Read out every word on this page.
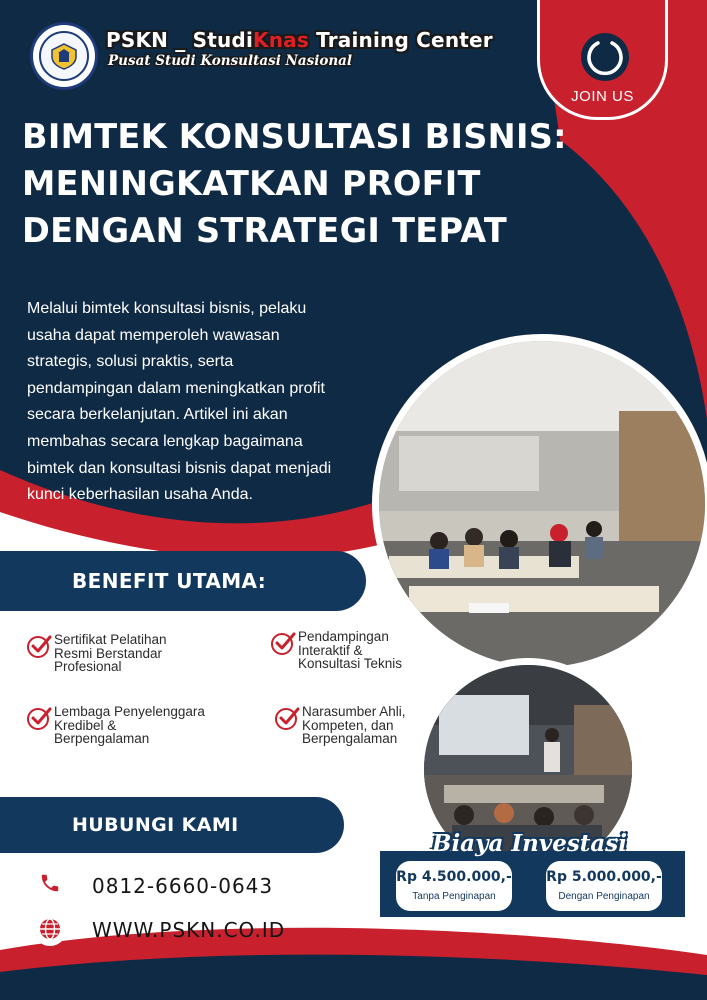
PSKN _ StudiKnas Training Center
Pusat Studi Konsultasi Nasional
JOIN US
BIMTEK KONSULTASI BISNIS:
MENINGKATKAN PROFIT
DENGAN STRATEGI TEPAT
Melalui bimtek konsultasi bisnis, pelaku
usaha dapat memperoleh wawasan
strategis, solusi praktis, serta
pendampingan dalam meningkatkan profit
secara berkelanjutan. Artikel ini akan
membahas secara lengkap bagaimana
bimtek dan konsultasi bisnis dapat menjadi
kunci keberhasilan usaha Anda.
BENEFIT UTAMA:
Sertifikat Pelatihan
Resmi Berstandar
Profesional
Pendampingan
Interaktif &
Konsultasi Teknis
Lembaga Penyelenggara
Kredibel &
Berpengalaman
Narasumber Ahli,
Kompeten, dan
Berpengalaman
HUBUNGI KAMI
0812-6660-0643
WWW.PSKN.CO.ID
Biaya Investasi
Rp 4.500.000,-
Tanpa Penginapan
Rp 5.000.000,-
Dengan Penginapan
